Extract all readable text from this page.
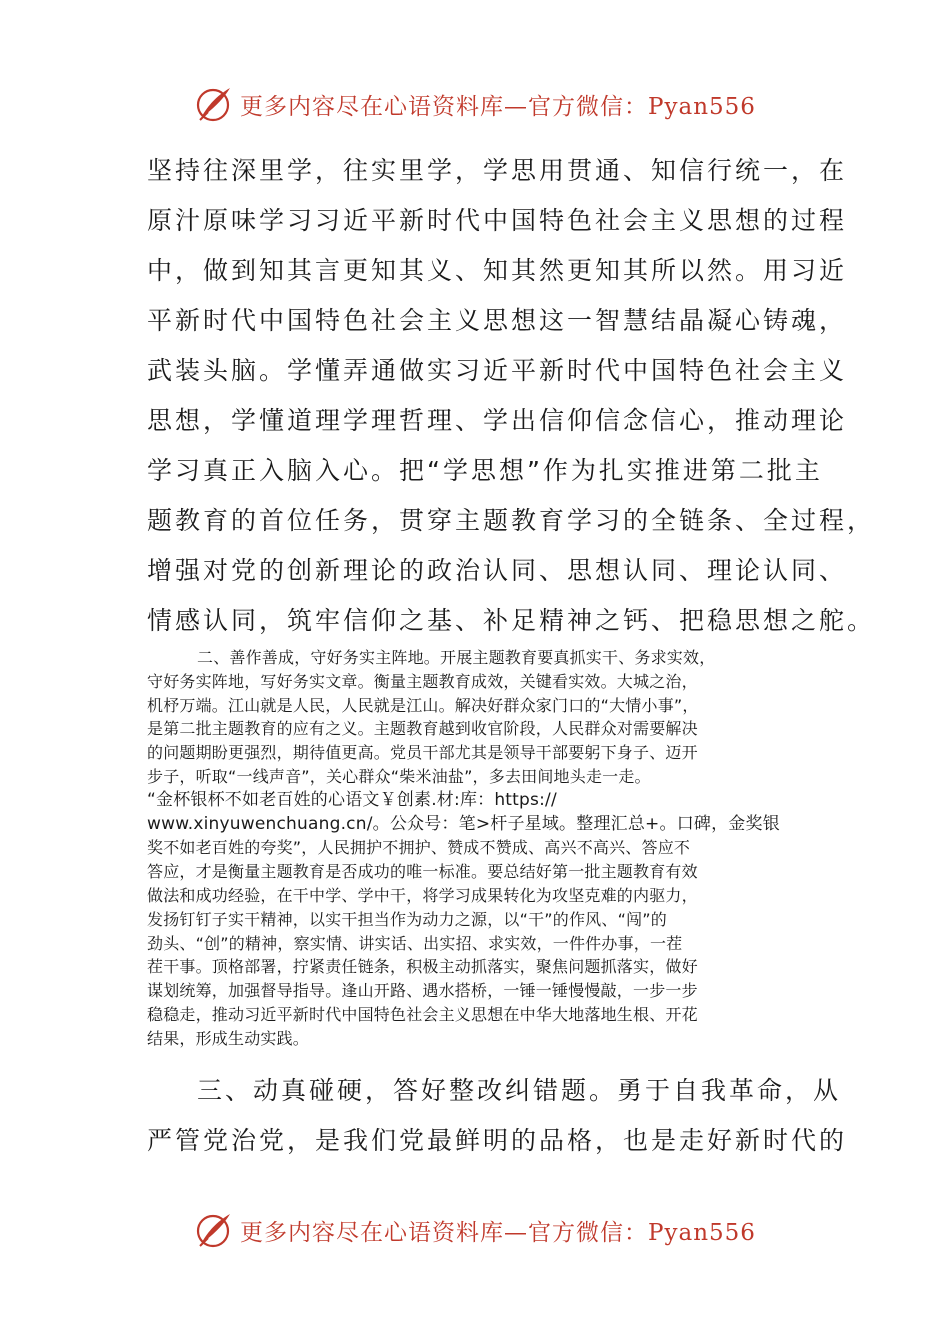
更多内容尽在心语资料库—官方微信：Pyan556

坚持往深里学，往实里学，学思用贯通、知信行统一，在

原汁原味学习习近平新时代中国特色社会主义思想的过程

中，做到知其言更知其义、知其然更知其所以然。用习近

平新时代中国特色社会主义思想这一智慧结晶凝心铸魂，

武装头脑。学懂弄通做实习近平新时代中国特色社会主义

思想，学懂道理学理哲理、学出信仰信念信心，推动理论

学习真正入脑入心。把“学思想”作为扎实推进第二批主

题教育的首位任务，贯穿主题教育学习的全链条、全过程，

增强对党的创新理论的政治认同、思想认同、理论认同、

情感认同，筑牢信仰之基、补足精神之钙、把稳思想之舵。

二、善作善成，守好务实主阵地。开展主题教育要真抓实干、务求实效，

守好务实阵地，写好务实文章。衡量主题教育成效，关键看实效。大城之治，

机杼万端。江山就是人民，人民就是江山。解决好群众家门口的“大情小事”，

是第二批主题教育的应有之义。主题教育越到收官阶段，人民群众对需要解决

的问题期盼更强烈，期待值更高。党员干部尤其是领导干部要躬下身子、迈开

步子，听取“一线声音”，关心群众“柴米油盐”，多去田间地头走一走。

“金杯银杯不如老百姓的心语文￥创素.材:库：https://

www.xinyuwenchuang.cn/。公众号：笔>杆子星域。整理汇总+。口碑，金奖银

奖不如老百姓的夸奖”，人民拥护不拥护、赞成不赞成、高兴不高兴、答应不

答应，才是衡量主题教育是否成功的唯一标准。要总结好第一批主题教育有效

做法和成功经验，在干中学、学中干，将学习成果转化为攻坚克难的内驱力，

发扬钉钉子实干精神，以实干担当作为动力之源，以“干”的作风、“闯”的

劲头、“创”的精神，察实情、讲实话、出实招、求实效，一件件办事，一茬

茬干事。顶格部署，拧紧责任链条，积极主动抓落实，聚焦问题抓落实，做好

谋划统筹，加强督导指导。逢山开路、遇水搭桥，一锤一锤慢慢敲，一步一步

稳稳走，推动习近平新时代中国特色社会主义思想在中华大地落地生根、开花

结果，形成生动实践。

三、动真碰硬，答好整改纠错题。勇于自我革命，从

严管党治党，是我们党最鲜明的品格，也是走好新时代的

更多内容尽在心语资料库—官方微信：Pyan556
